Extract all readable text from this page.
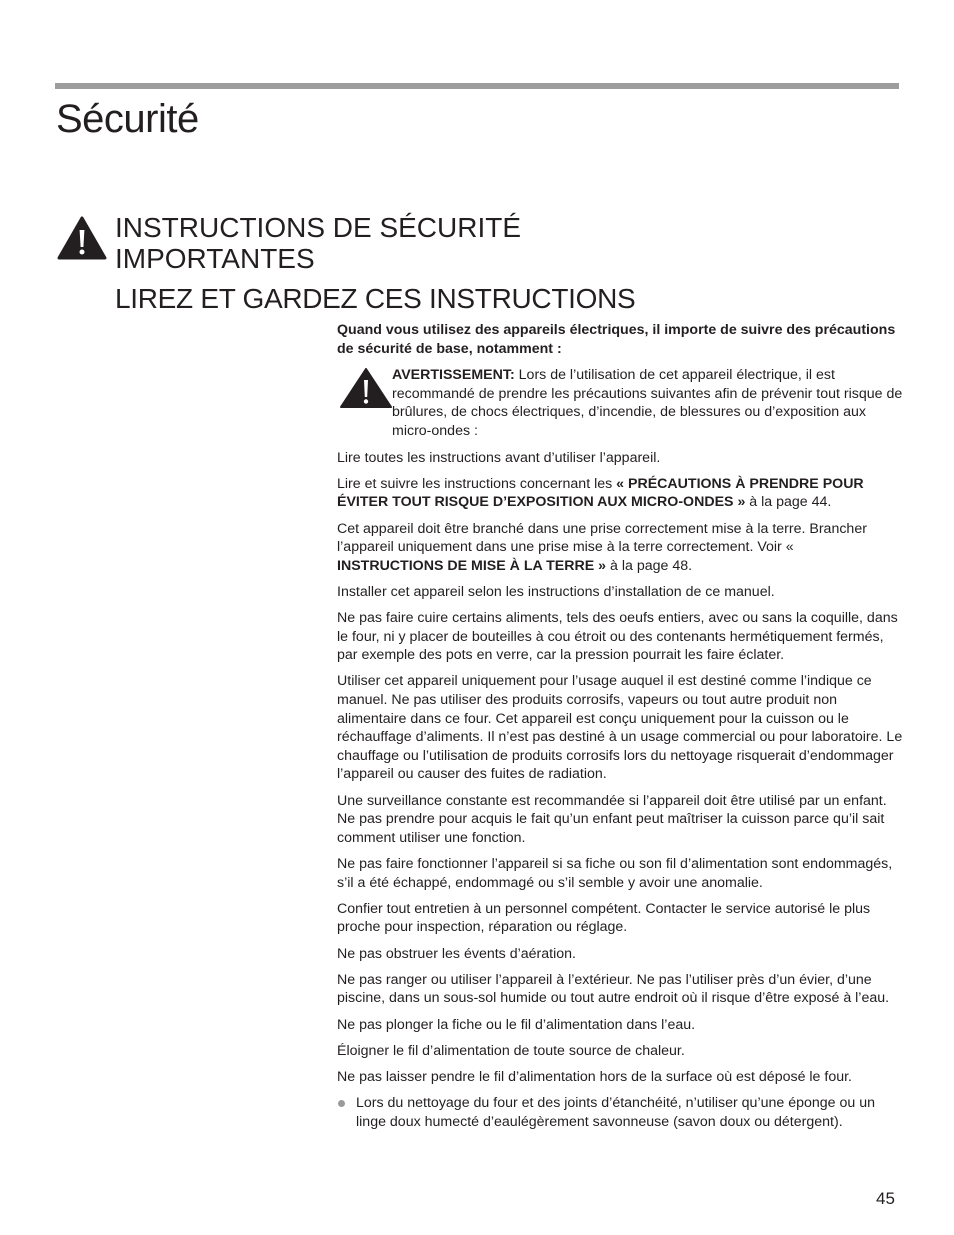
Sécurité
INSTRUCTIONS DE SÉCURITÉ
IMPORTANTES
LIREZ ET GARDEZ CES INSTRUCTIONS

Quand vous utilisez des appareils électriques, il importe de suivre des précautions de sécurité de base, notamment :

AVERTISSEMENT: Lors de l’utilisation de cet appareil électrique, il est recommandé de prendre les précautions suivantes afin de prévenir tout risque de brûlures, de chocs électriques, d’incendie, de blessures ou d’exposition aux micro-ondes :

Lire toutes les instructions avant d’utiliser l’appareil.

Lire et suivre les instructions concernant les « PRÉCAUTIONS À PRENDRE POUR ÉVITER TOUT RISQUE D’EXPOSITION AUX MICRO-ONDES » à la page 44.

Cet appareil doit être branché dans une prise correctement mise à la terre. Brancher l’appareil uniquement dans une prise mise à la terre correctement. Voir « INSTRUCTIONS DE MISE À LA TERRE » à la page 48.

Installer cet appareil selon les instructions d’installation de ce manuel.

Ne pas faire cuire certains aliments, tels des oeufs entiers, avec ou sans la coquille, dans le four, ni y placer de bouteilles à cou étroit ou des contenants hermétiquement fermés, par exemple des pots en verre, car la pression pourrait les faire éclater.

Utiliser cet appareil uniquement pour l’usage auquel il est destiné comme l’indique ce manuel. Ne pas utiliser des produits corrosifs, vapeurs ou tout autre produit non alimentaire dans ce four. Cet appareil est conçu uniquement pour la cuisson ou le réchauffage d’aliments. Il n’est pas destiné à un usage commercial ou pour laboratoire. Le chauffage ou l’utilisation de produits corrosifs lors du nettoyage risquerait d’endommager l’appareil ou causer des fuites de radiation.

Une surveillance constante est recommandée si l’appareil doit être utilisé par un enfant. Ne pas prendre pour acquis le fait qu’un enfant peut maîtriser la cuisson parce qu’il sait comment utiliser une fonction.

Ne pas faire fonctionner l’appareil si sa fiche ou son fil d’alimentation sont endommagés, s’il a été échappé, endommagé ou s’il semble y avoir une anomalie.

Confier tout entretien à un personnel compétent. Contacter le service autorisé le plus proche pour inspection, réparation ou réglage.

Ne pas obstruer les évents d’aération.

Ne pas ranger ou utiliser l’appareil à l’extérieur. Ne pas l’utiliser près d’un évier, d’une piscine, dans un sous-sol humide ou tout autre endroit où il risque d’être exposé à l’eau.

Ne pas plonger la fiche ou le fil d’alimentation dans l’eau.

Éloigner le fil d’alimentation de toute source de chaleur.

Ne pas laisser pendre le fil d’alimentation hors de la surface où est déposé le four.

Lors du nettoyage du four et des joints d’étanchéité, n’utiliser qu’une éponge ou un linge doux humecté d’eaulégèrement savonneuse (savon doux ou détergent).

45
